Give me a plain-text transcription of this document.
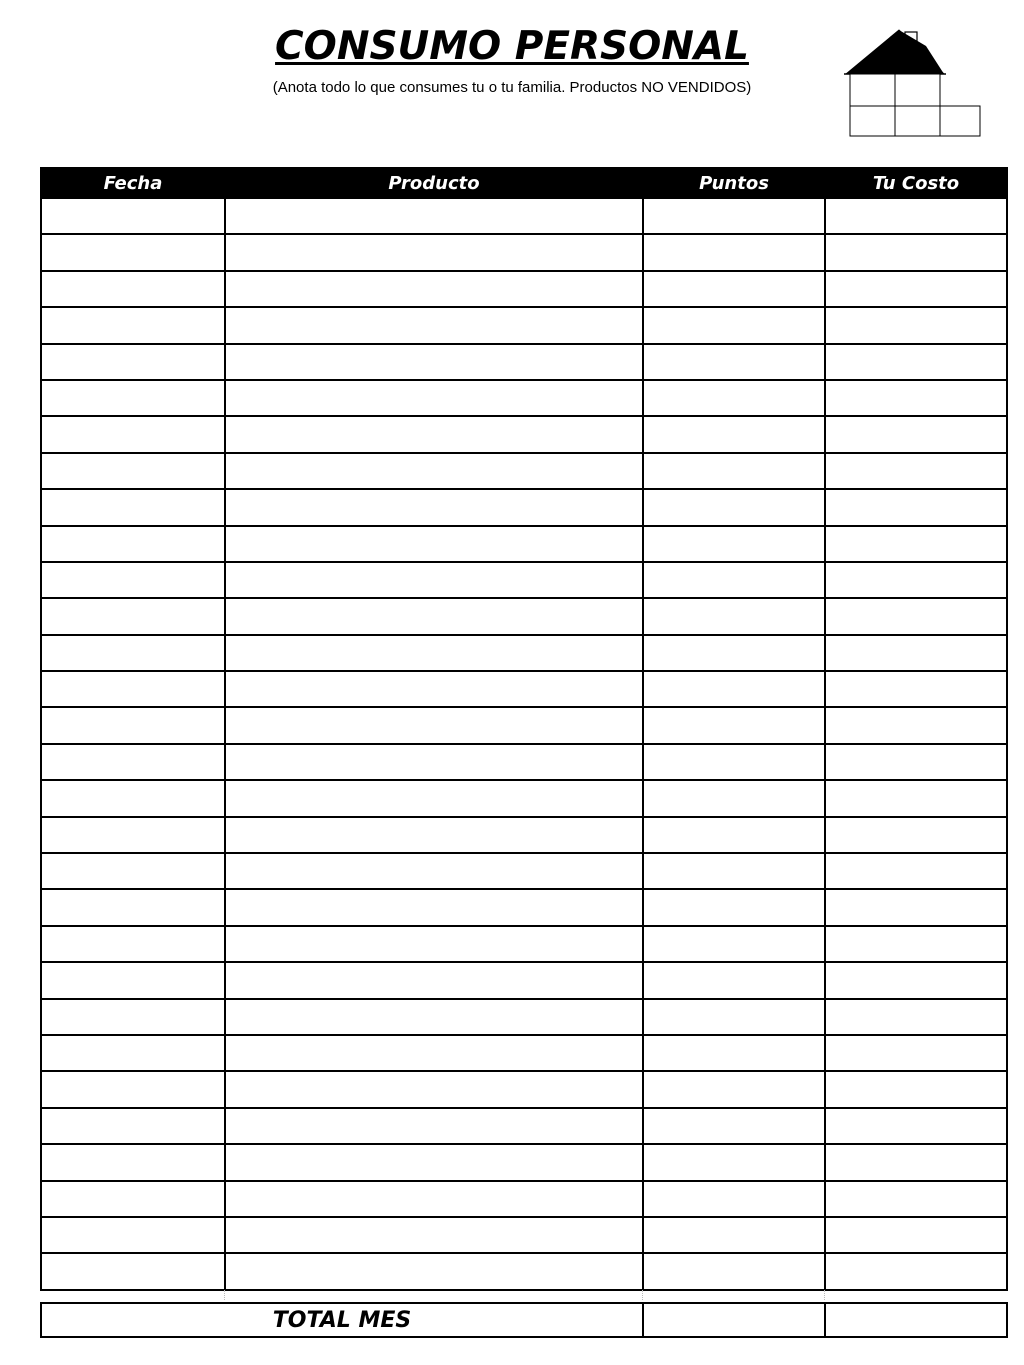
CONSUMO PERSONAL

(Anota todo lo que consumes tu o tu familia. Productos NO VENDIDOS)

Fecha	Producto	Puntos	Tu Costo

TOTAL MES		
